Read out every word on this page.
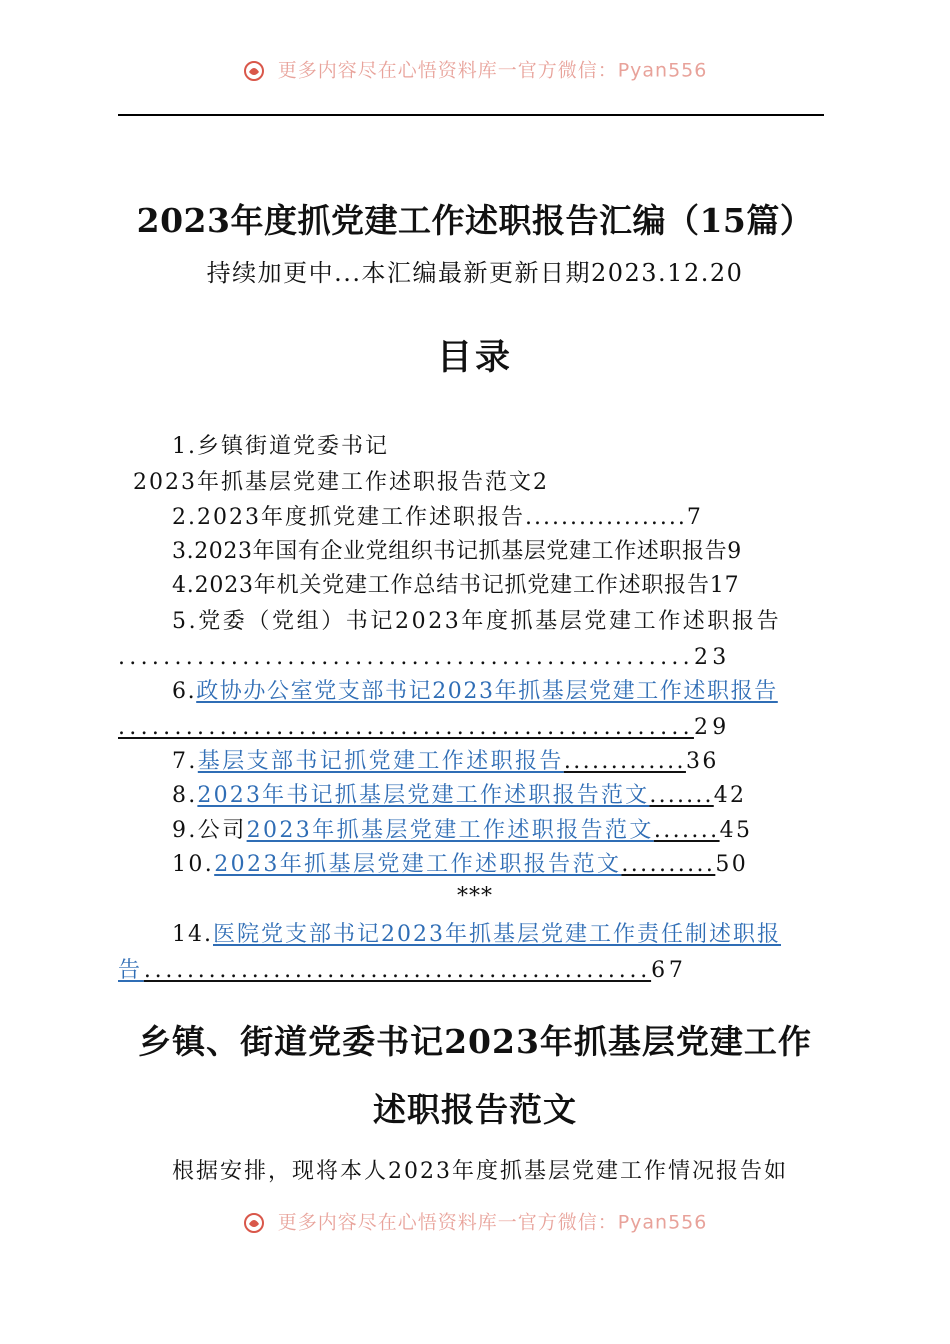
更多内容尽在心悟资料库一官方微信：Pyan556
2023年度抓党建工作述职报告汇编（15篇）
持续加更中...本汇编最新更新日期2023.12.20
目录
1.乡镇街道党委书记
2023年抓基层党建工作述职报告范文2
2.2023年度抓党建工作述职报告..................7
3.2023年国有企业党组织书记抓基层党建工作述职报告9
4.2023年机关党建工作总结书记抓党建工作述职报告17
5.党委（党组）书记2023年度抓基层党建工作述职报告
...................................................23
6.政协办公室党支部书记2023年抓基层党建工作述职报告
...................................................29
7.基层支部书记抓党建工作述职报告.............36
8.2023年书记抓基层党建工作述职报告范文.......42
9.公司2023年抓基层党建工作述职报告范文.......45
10.2023年抓基层党建工作述职报告范文..........50
***
14.医院党支部书记2023年抓基层党建工作责任制述职报
告...............................................67
乡镇、街道党委书记2023年抓基层党建工作
述职报告范文
根据安排，现将本人2023年度抓基层党建工作情况报告如
更多内容尽在心悟资料库一官方微信：Pyan556
